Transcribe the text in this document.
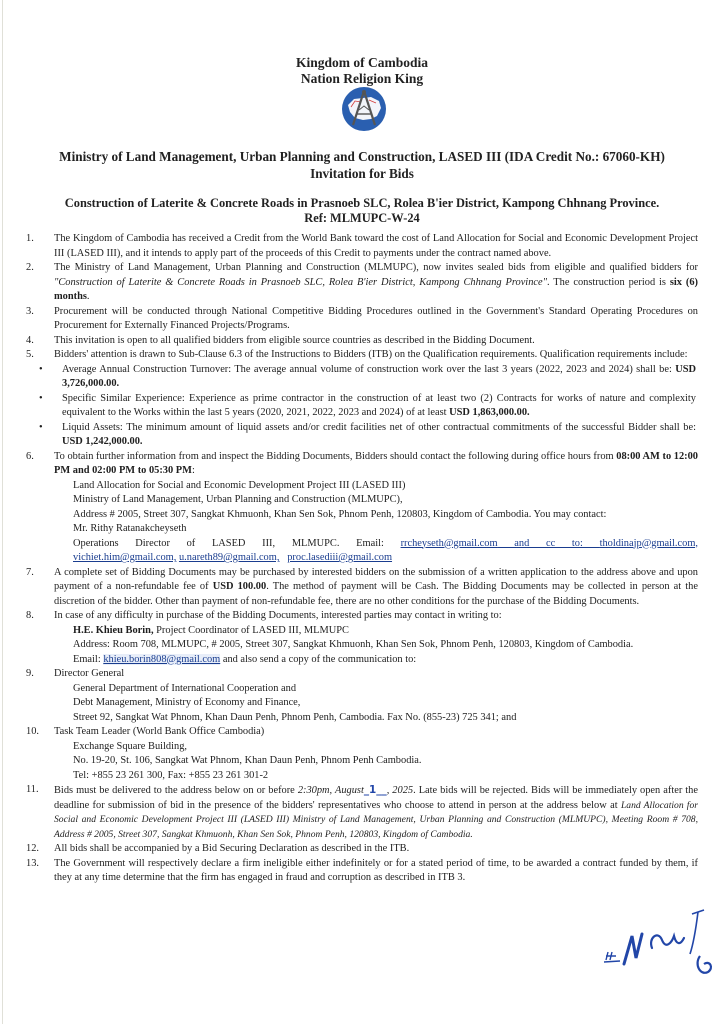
Kingdom of Cambodia
Nation Religion King
Ministry of Land Management, Urban Planning and Construction, LASED III (IDA Credit No.: 67060-KH)
Invitation for Bids
Construction of Laterite & Concrete Roads in Prasnoeb SLC, Rolea B'ier District, Kampong Chhnang Province.
Ref: MLMUPC-W-24
1.	The Kingdom of Cambodia has received a Credit from the World Bank toward the cost of Land Allocation for Social and Economic Development Project III (LASED III), and it intends to apply part of the proceeds of this Credit to payments under the contract named above.
2.	The Ministry of Land Management, Urban Planning and Construction (MLMUPC), now invites sealed bids from eligible and qualified bidders for "Construction of Laterite & Concrete Roads in Prasnoeb SLC, Rolea B'ier District, Kampong Chhnang Province". The construction period is six (6) months.
3.	Procurement will be conducted through National Competitive Bidding Procedures outlined in the Government's Standard Operating Procedures on Procurement for Externally Financed Projects/Programs.
4.	This invitation is open to all qualified bidders from eligible source countries as described in the Bidding Document.
5.	Bidders' attention is drawn to Sub-Clause 6.3 of the Instructions to Bidders (ITB) on the Qualification requirements. Qualification requirements include:
• Average Annual Construction Turnover: The average annual volume of construction work over the last 3 years (2022, 2023 and 2024) shall be: USD 3,726,000.00.
• Specific Similar Experience: Experience as prime contractor in the construction of at least two (2) Contracts for works of nature and complexity equivalent to the Works within the last 5 years (2020, 2021, 2022, 2023 and 2024) of at least USD 1,863,000.00.
• Liquid Assets: The minimum amount of liquid assets and/or credit facilities net of other contractual commitments of the successful Bidder shall be: USD 1,242,000.00.
6.	To obtain further information from and inspect the Bidding Documents, Bidders should contact the following during office hours from 08:00 AM to 12:00 PM and 02:00 PM to 05:30 PM:
Land Allocation for Social and Economic Development Project III (LASED III)
Ministry of Land Management, Urban Planning and Construction (MLMUPC),
Address # 2005, Street 307, Sangkat Khmuonh, Khan Sen Sok, Phnom Penh, 120803, Kingdom of Cambodia. You may contact:
Mr. Rithy Ratanakcheyseth
Operations Director of LASED III, MLMUPC. Email: rrcheyseth@gmail.com and cc to: tholdinajp@gmail.com,
vichiet.him@gmail.com, u.nareth89@gmail.com, proc.lasediii@gmail.com
7.	A complete set of Bidding Documents may be purchased by interested bidders on the submission of a written application to the address above and upon payment of a non-refundable fee of USD 100.00. The method of payment will be Cash. The Bidding Documents may be collected in person at the discretion of the bidder. Other than payment of non-refundable fee, there are no other conditions for the purchase of the Bidding Documents.
8.	In case of any difficulty in purchase of the Bidding Documents, interested parties may contact in writing to:
H.E. Khieu Borin, Project Coordinator of LASED III, MLMUPC
Address: Room 708, MLMUPC, # 2005, Street 307, Sangkat Khmuonh, Khan Sen Sok, Phnom Penh, 120803, Kingdom of Cambodia.
Email: khieu.borin808@gmail.com and also send a copy of the communication to:
9.	Director General
General Department of International Cooperation and
Debt Management, Ministry of Economy and Finance,
Street 92, Sangkat Wat Phnom, Khan Daun Penh, Phnom Penh, Cambodia. Fax No. (855-23) 725 341; and
10.	Task Team Leader (World Bank Office Cambodia)
Exchange Square Building,
No. 19-20, St. 106, Sangkat Wat Phnom, Khan Daun Penh, Phnom Penh Cambodia.
Tel: +855 23 261 300, Fax: +855 23 261 301-2
11.	Bids must be delivered to the address below on or before 2:30pm, August_1__, 2025. Late bids will be rejected. Bids will be immediately open after the deadline for submission of bid in the presence of the bidders' representatives who choose to attend in person at the address below at Land Allocation for Social and Economic Development Project III (LASED III) Ministry of Land Management, Urban Planning and Construction (MLMUPC), Meeting Room # 708, Address # 2005, Street 307, Sangkat Khmuonh, Khan Sen Sok, Phnom Penh, 120803, Kingdom of Cambodia.
12.	All bids shall be accompanied by a Bid Securing Declaration as described in the ITB.
13.	The Government will respectively declare a firm ineligible either indefinitely or for a stated period of time, to be awarded a contract funded by them, if they at any time determine that the firm has engaged in fraud and corruption as described in ITB 3.
